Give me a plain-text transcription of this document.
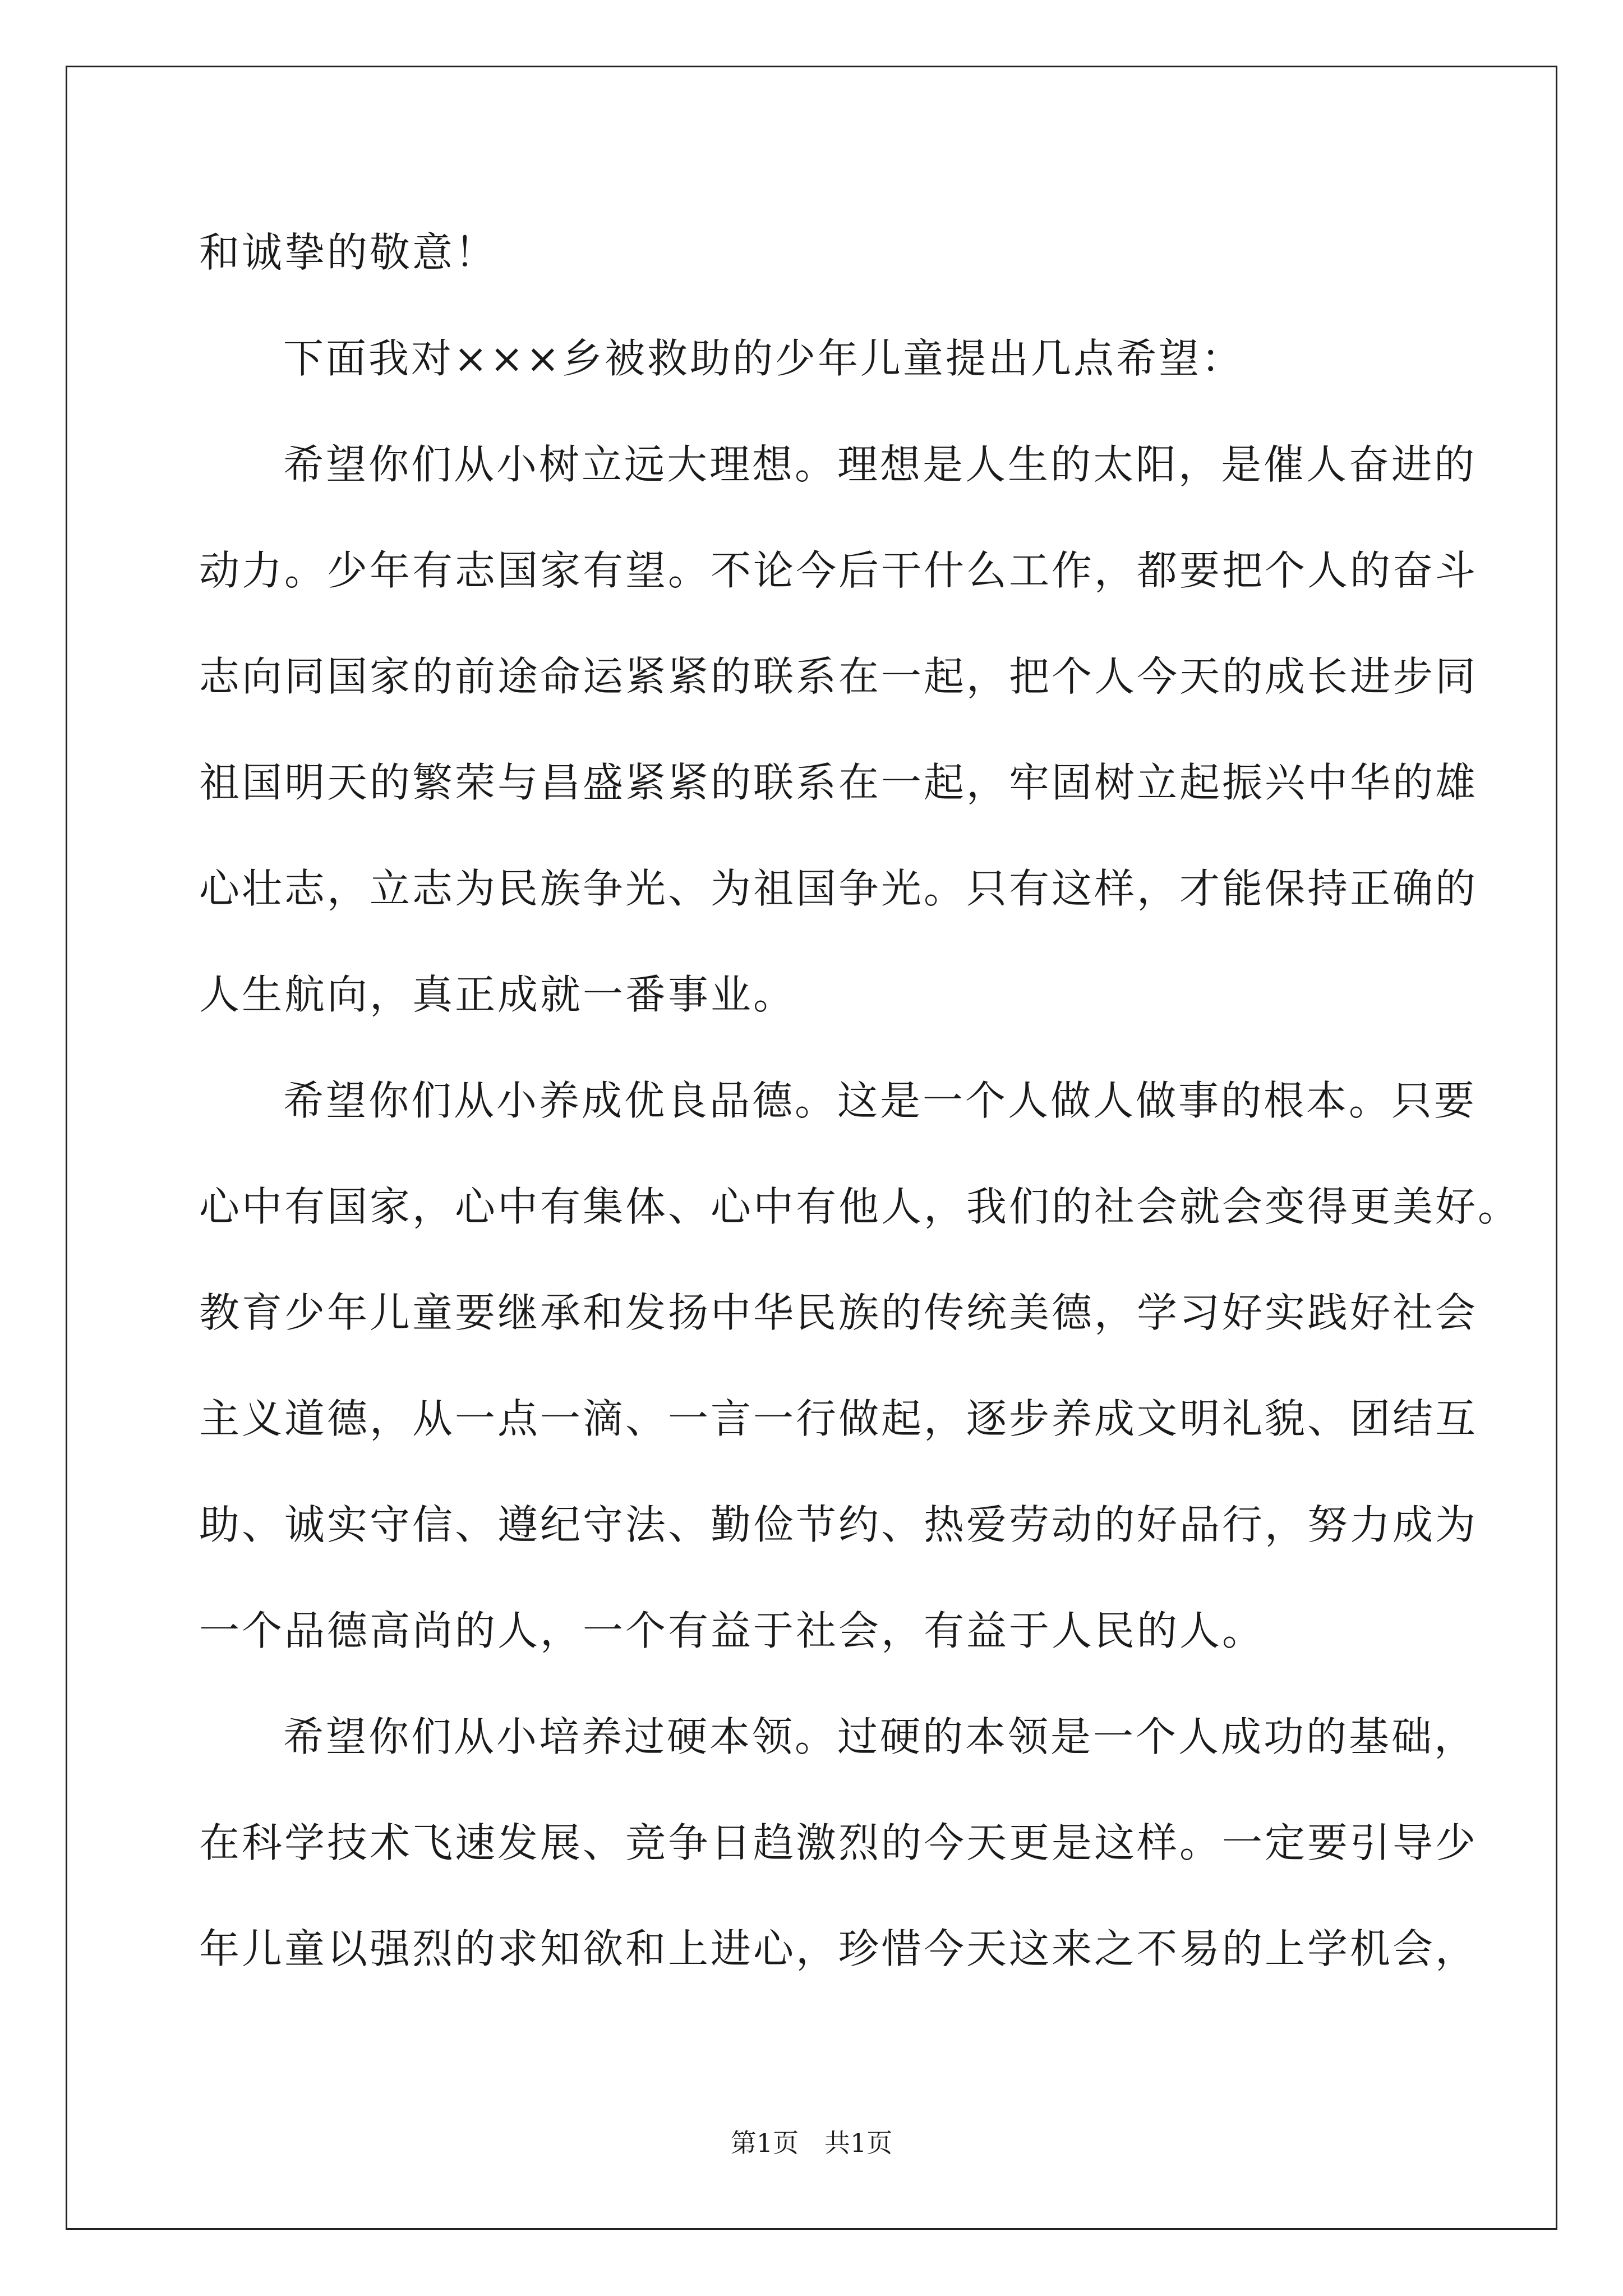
和诚挚的敬意！
下面我对×××乡被救助的少年儿童提出几点希望：
希望你们从小树立远大理想。理想是人生的太阳，是催人奋进的
动力。少年有志国家有望。不论今后干什么工作，都要把个人的奋斗
志向同国家的前途命运紧紧的联系在一起，把个人今天的成长进步同
祖国明天的繁荣与昌盛紧紧的联系在一起，牢固树立起振兴中华的雄
心壮志，立志为民族争光、为祖国争光。只有这样，才能保持正确的
人生航向，真正成就一番事业。
希望你们从小养成优良品德。这是一个人做人做事的根本。只要
心中有国家，心中有集体、心中有他人，我们的社会就会变得更美好。
教育少年儿童要继承和发扬中华民族的传统美德，学习好实践好社会
主义道德，从一点一滴、一言一行做起，逐步养成文明礼貌、团结互
助、诚实守信、遵纪守法、勤俭节约、热爱劳动的好品行，努力成为
一个品德高尚的人，一个有益于社会，有益于人民的人。
希望你们从小培养过硬本领。过硬的本领是一个人成功的基础，
在科学技术飞速发展、竞争日趋激烈的今天更是这样。一定要引导少
年儿童以强烈的求知欲和上进心，珍惜今天这来之不易的上学机会，
第1页　共1页
